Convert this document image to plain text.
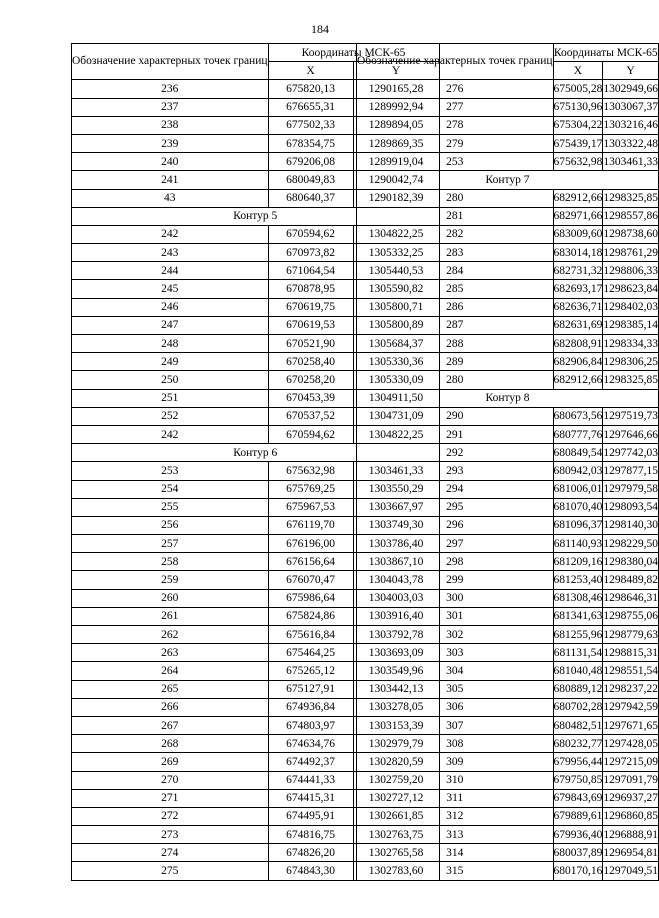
184
Обозначение характерных точек границ	Координаты МСК-65	
	X	Y
236	675820,13	1290165,28
237	676655,31	1289992,94
238	677502,33	1289894,05
239	678354,75	1289869,35
240	679206,08	1289919,04
241	680049,83	1290042,74
43	680640,37	1290182,39
Контур 5		
242	670594,62	1304822,25
243	670973,82	1305332,25
244	671064,54	1305440,53
245	670878,95	1305590,82
246	670619,75	1305800,71
247	670619,53	1305800,89
248	670521,90	1305684,37
249	670258,40	1305330,36
250	670258,20	1305330,09
251	670453,39	1304911,50
252	670537,52	1304731,09
242	670594,62	1304822,25
Контур 6		
253	675632,98	1303461,33
254	675769,25	1303550,29
255	675967,53	1303667,97
256	676119,70	1303749,30
257	676196,00	1303786,40
258	676156,64	1303867,10
259	676070,47	1304043,78
260	675986,64	1304003,03
261	675824,86	1303916,40
262	675616,84	1303792,78
263	675464,25	1303693,09
264	675265,12	1303549,96
265	675127,91	1303442,13
266	674936,84	1303278,05
267	674803,97	1303153,39
268	674634,76	1302979,79
269	674492,37	1302820,59
270	674441,33	1302759,20
271	674415,31	1302727,12
272	674495,91	1302661,85
273	674816,75	1302763,75
274	674826,20	1302765,58
275	674843,30	1302783,60
Обозначение характерных точек границ	Координаты МСК-65	
	X	Y
276	675005,28	1302949,66
277	675130,96	1303067,37
278	675304,22	1303216,46
279	675439,17	1303322,48
253	675632,98	1303461,33
Контур 7		
280	682912,66	1298325,85
281	682971,66	1298557,86
282	683009,60	1298738,60
283	683014,18	1298761,29
284	682731,32	1298806,33
285	682693,17	1298623,84
286	682636,71	1298402,03
287	682631,69	1298385,14
288	682808,91	1298334,33
289	682906,84	1298306,25
280	682912,66	1298325,85
Контур 8		
290	680673,56	1297519,73
291	680777,76	1297646,66
292	680849,54	1297742,03
293	680942,03	1297877,15
294	681006,01	1297979,58
295	681070,40	1298093,54
296	681096,37	1298140,30
297	681140,93	1298229,50
298	681209,16	1298380,04
299	681253,40	1298489,82
300	681308,46	1298646,31
301	681341,63	1298755,06
302	681255,96	1298779,63
303	681131,54	1298815,31
304	681040,48	1298551,54
305	680889,12	1298237,22
306	680702,28	1297942,59
307	680482,51	1297671,65
308	680232,77	1297428,05
309	679956,44	1297215,09
310	679750,85	1297091,79
311	679843,69	1296937,27
312	679889,61	1296860,85
313	679936,40	1296888,91
314	680037,89	1296954,81
315	680170,16	1297049,51
